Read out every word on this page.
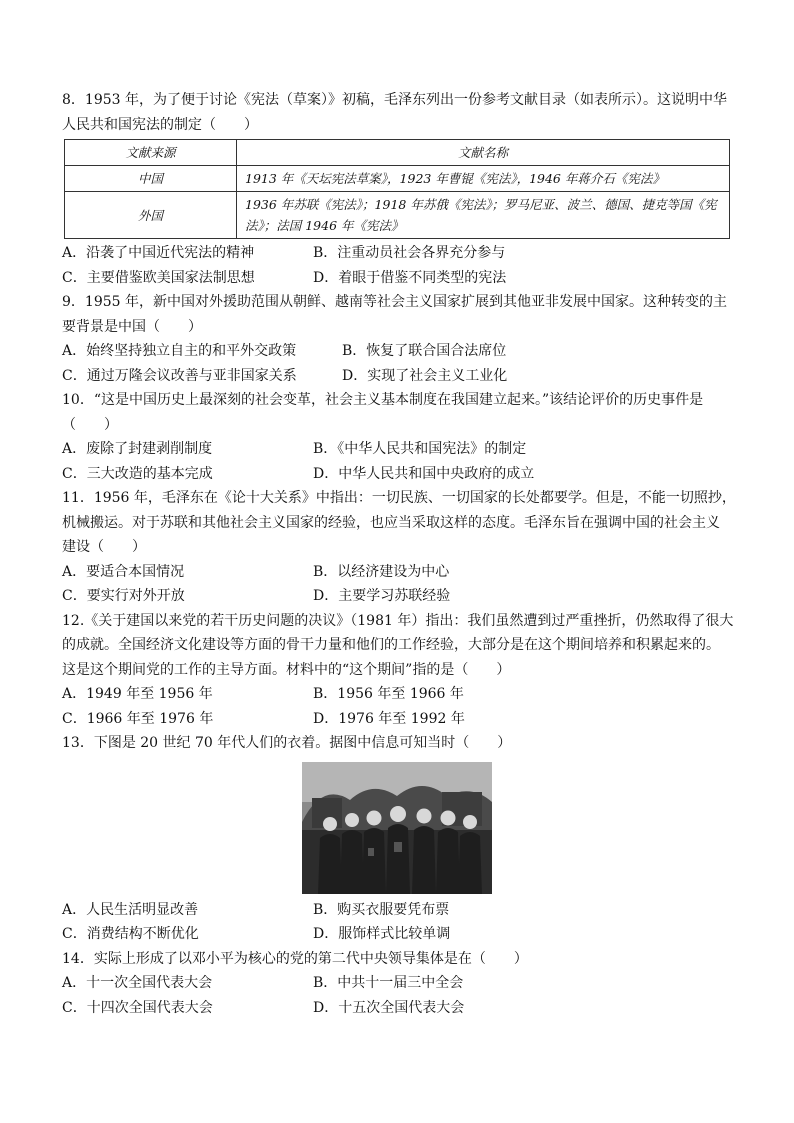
8．1953 年，为了便于讨论《宪法（草案）》初稿，毛泽东列出一份参考文献目录（如表所示）。这说明中华
人民共和国宪法的制定（　　）
文献来源	文献名称
中国	1913 年《天坛宪法草案》，1923 年曹锟《宪法》，1946 年蒋介石《宪法》
外国	1936 年苏联《宪法》；1918 年苏俄《宪法》；罗马尼亚、波兰、德国、捷克等国《宪法》；法国 1946 年《宪法》
A．沿袭了中国近代宪法的精神	B．注重动员社会各界充分参与
C．主要借鉴欧美国家法制思想	D．着眼于借鉴不同类型的宪法
9．1955 年，新中国对外援助范围从朝鲜、越南等社会主义国家扩展到其他亚非发展中国家。这种转变的主
要背景是中国（　　）
A．始终坚持独立自主的和平外交政策	B．恢复了联合国合法席位
C．通过万隆会议改善与亚非国家关系	D．实现了社会主义工业化
10．“这是中国历史上最深刻的社会变革，社会主义基本制度在我国建立起来。”该结论评价的历史事件是
（　　）
A．废除了封建剥削制度	B．《中华人民共和国宪法》的制定
C．三大改造的基本完成	D．中华人民共和国中央政府的成立
11．1956 年，毛泽东在《论十大关系》中指出：一切民族、一切国家的长处都要学。但是，不能一切照抄，
机械搬运。对于苏联和其他社会主义国家的经验，也应当采取这样的态度。毛泽东旨在强调中国的社会主义
建设（　　）
A．要适合本国情况	B．以经济建设为中心
C．要实行对外开放	D．主要学习苏联经验
12.《关于建国以来党的若干历史问题的决议》（1981 年）指出：我们虽然遭到过严重挫折，仍然取得了很大
的成就。全国经济文化建设等方面的骨干力量和他们的工作经验，大部分是在这个期间培养和积累起来的。
这是这个期间党的工作的主导方面。材料中的“这个期间”指的是（　　）
A．1949 年至 1956 年	B．1956 年至 1966 年
C．1966 年至 1976 年	D．1976 年至 1992 年
13．下图是 20 世纪 70 年代人们的衣着。据图中信息可知当时（　　）
A．人民生活明显改善	B．购买衣服要凭布票
C．消费结构不断优化	D．服饰样式比较单调
14．实际上形成了以邓小平为核心的党的第二代中央领导集体是在（　　）
A．十一次全国代表大会	B．中共十一届三中全会
C．十四次全国代表大会	D．十五次全国代表大会
